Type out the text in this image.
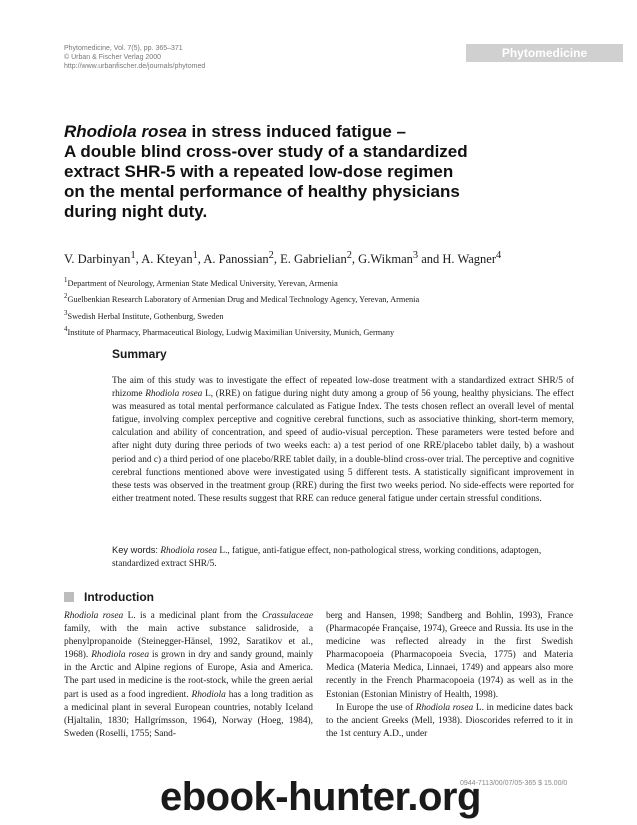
Phytomedicine, Vol. 7(5), pp. 365–371
© Urban & Fischer Verlag 2000
http://www.urbanfischer.de/journals/phytomed
Phytomedicine
Rhodiola rosea in stress induced fatigue –
A double blind cross-over study of a standardized
extract SHR-5 with a repeated low-dose regimen
on the mental performance of healthy physicians
during night duty.
V. Darbinyan$^1$, A. Kteyan$^1$, A. Panossian$^2$, E. Gabrielian$^2$, G.Wikman$^3$ and H. Wagner$^4$
$^1$Department of Neurology, Armenian State Medical University, Yerevan, Armenia
$^2$Guelbenkian Research Laboratory of Armenian Drug and Medical Technology Agency, Yerevan, Armenia
$^3$Swedish Herbal Institute, Gothenburg, Sweden
$^4$Institute of Pharmacy, Pharmaceutical Biology, Ludwig Maximilian University, Munich, Germany
Summary
The aim of this study was to investigate the effect of repeated low-dose treatment with a standardized extract SHR/5 of rhizome Rhodiola rosea L, (RRE) on fatigue during night duty among a group of 56 young, healthy physicians. The effect was measured as total mental performance calculated as Fatigue Index. The tests chosen reflect an overall level of mental fatigue, involving complex perceptive and cognitive cerebral functions, such as associative thinking, short-term memory, calculation and ability of concentration, and speed of audio-visual perception. These parameters were tested before and after night duty during three periods of two weeks each: a) a test period of one RRE/placebo tablet daily, b) a washout period and c) a third period of one placebo/RRE tablet daily, in a double-blind cross-over trial. The perceptive and cognitive cerebral functions mentioned above were investigated using 5 different tests. A statistically significant improvement in these tests was observed in the treatment group (RRE) during the first two weeks period. No side-effects were reported for either treatment noted. These results suggest that RRE can reduce general fatigue under certain stressful conditions.
Key words: Rhodiola rosea L., fatigue, anti-fatigue effect, non-pathological stress, working conditions, adaptogen, standardized extract SHR/5.
Introduction

Rhodiola rosea L. is a medicinal plant from the Crassulaceae family, with the main active substance salidroside, a phenylpropanoide (Steinegger-Hänsel, 1992, Saratikov et al., 1968). Rhodiola rosea is grown in dry and sandy ground, mainly in the Arctic and Alpine regions of Europe, Asia and America. The part used in medicine is the root-stock, while the green aerial part is used as a food ingredient. Rhodiola has a long tradition as a medicinal plant in several European countries, notably Iceland (Hjaltalin, 1830; Hallgrímsson, 1964), Norway (Hoeg, 1984), Sweden (Roselli, 1755; Sand-

berg and Hansen, 1998; Sandberg and Bohlin, 1993), France (Pharmacopée Française, 1974), Greece and Russia. Its use in the medicine was reflected already in the first Swedish Pharmacopoeia (Pharmacopoeia Svecia, 1775) and Materia Medica (Materia Medica, Linnaei, 1749) and appears also more recently in the French Pharmacopoeia (1974) as well as in the Estonian (Estonian Ministry of Health, 1998).

In Europe the use of Rhodiola rosea L. in medicine dates back to the ancient Greeks (Mell, 1938). Dioscorides referred to it in the 1st century A.D., under

0944-7113/00/07/05-365 $ 15.00/0
ebook-hunter.org
